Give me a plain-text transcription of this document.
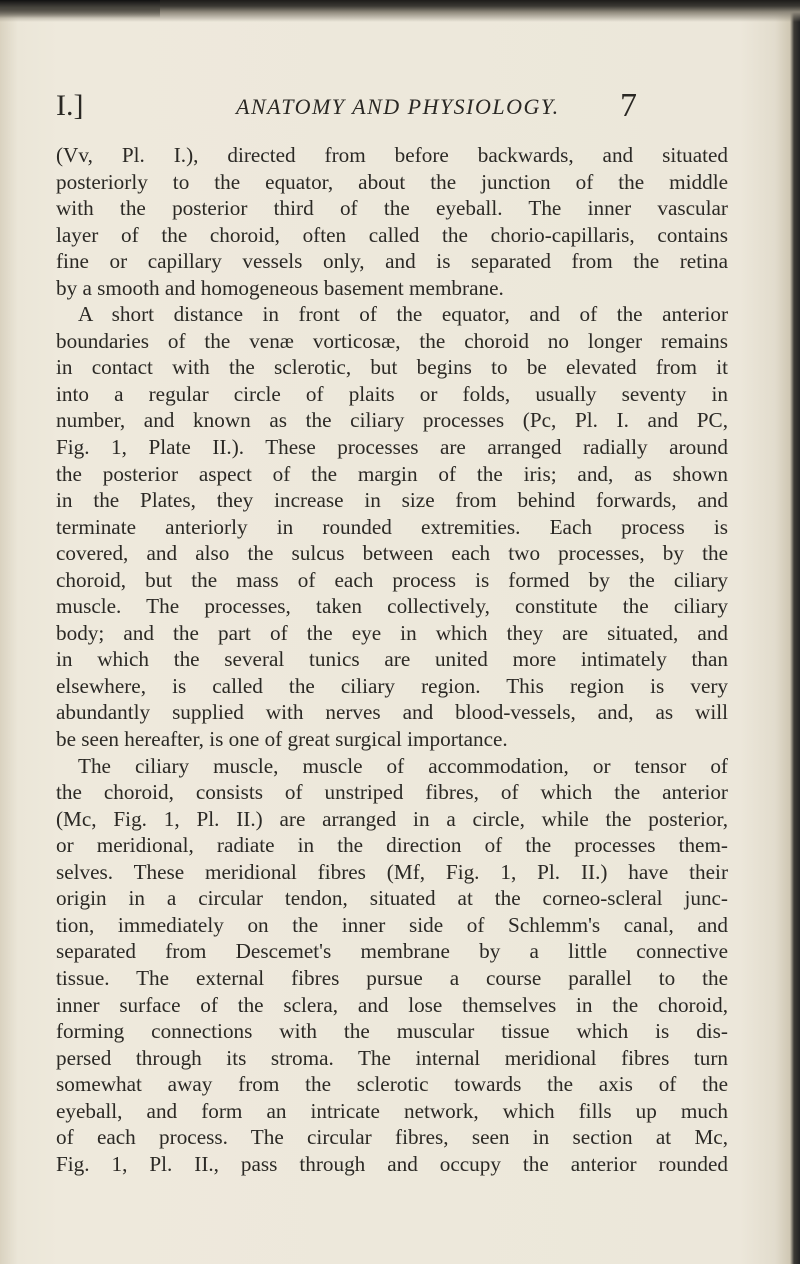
I.]	ANATOMY AND PHYSIOLOGY. 7
(Vv, Pl. I.), directed from before backwards, and situated
posteriorly to the equator, about the junction of the middle
with the posterior third of the eyeball. The inner vascular
layer of the choroid, often called the chorio-capillaris, contains
fine or capillary vessels only, and is separated from the retina
by a smooth and homogeneous basement membrane.
A short distance in front of the equator, and of the anterior
boundaries of the venæ vorticosæ, the choroid no longer remains
in contact with the sclerotic, but begins to be elevated from it
into a regular circle of plaits or folds, usually seventy in
number, and known as the ciliary processes (Pc, Pl. I. and PC,
Fig. 1, Plate II.). These processes are arranged radially around
the posterior aspect of the margin of the iris; and, as shown
in the Plates, they increase in size from behind forwards, and
terminate anteriorly in rounded extremities. Each process is
covered, and also the sulcus between each two processes, by the
choroid, but the mass of each process is formed by the ciliary
muscle. The processes, taken collectively, constitute the ciliary
body; and the part of the eye in which they are situated, and
in which the several tunics are united more intimately than
elsewhere, is called the ciliary region. This region is very
abundantly supplied with nerves and blood-vessels, and, as will
be seen hereafter, is one of great surgical importance.
The ciliary muscle, muscle of accommodation, or tensor of
the choroid, consists of unstriped fibres, of which the anterior
(Mc, Fig. 1, Pl. II.) are arranged in a circle, while the posterior,
or meridional, radiate in the direction of the processes them-
selves. These meridional fibres (Mf, Fig. 1, Pl. II.) have their
origin in a circular tendon, situated at the corneo-scleral junc-
tion, immediately on the inner side of Schlemm's canal, and
separated from Descemet's membrane by a little connective
tissue. The external fibres pursue a course parallel to the
inner surface of the sclera, and lose themselves in the choroid,
forming connections with the muscular tissue which is dis-
persed through its stroma. The internal meridional fibres turn
somewhat away from the sclerotic towards the axis of the
eyeball, and form an intricate network, which fills up much
of each process. The circular fibres, seen in section at Mc,
Fig. 1, Pl. II., pass through and occupy the anterior rounded
